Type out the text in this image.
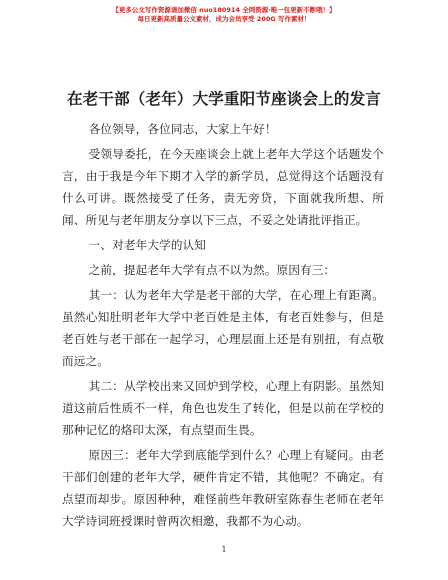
【更多公文写作资源请加微信 nuo180914 全网资源·唯一包更新不断哦！】
每日更新高质量公文素材，成为会员享受 200G 写作素材！
在老干部（老年）大学重阳节座谈会上的发言

各位领导，各位同志，大家上午好！

受领导委托，在今天座谈会上就上老年大学这个话题发个言，由于我是今年下期才入学的新学员，总觉得这个话题没有什么可讲。既然接受了任务，责无旁贷，下面就我所想、所闻、所见与老年朋友分享以下三点，不妥之处请批评指正。

一、对老年大学的认知

之前，提起老年大学有点不以为然。原因有三：

其一：认为老年大学是老干部的大学，在心理上有距离。虽然心知肚明老年大学中老百姓是主体，有老百姓参与，但是老百姓与老干部在一起学习，心理层面上还是有别扭，有点敬而远之。

其二：从学校出来又回炉到学校，心理上有阴影。虽然知道这前后性质不一样，角色也发生了转化，但是以前在学校的那种记忆的烙印太深，有点望而生畏。

原因三：老年大学到底能学到什么？心理上有疑问。由老干部们创建的老年大学，硬件肯定不错，其他呢？不确定。有点望而却步。原因种种，难怪前些年教研室陈春生老师在老年大学诗词班授课时曾两次相邀，我都不为心动。

1
